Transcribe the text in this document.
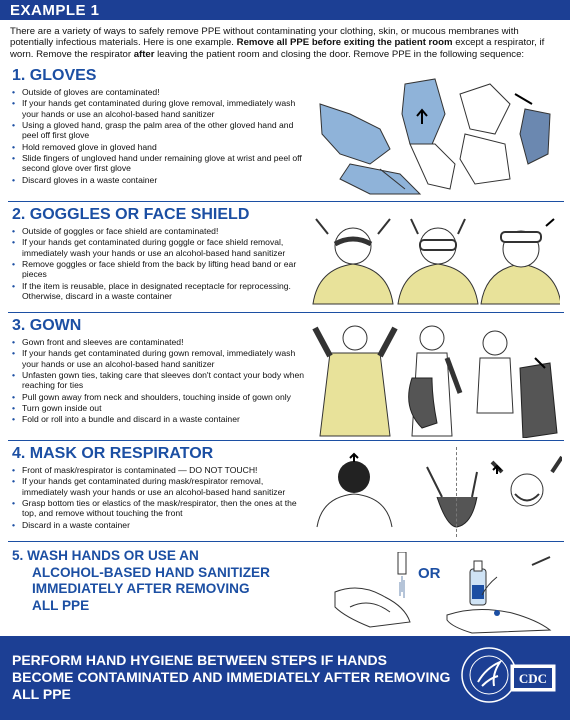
EXAMPLE 1
There are a variety of ways to safely remove PPE without contaminating your clothing, skin, or mucous membranes with potentially infectious materials. Here is one example. Remove all PPE before exiting the patient room except a respirator, if worn. Remove the respirator after leaving the patient room and closing the door. Remove PPE in the following sequence:
1. GLOVES
• Outside of gloves are contaminated!
• If your hands get contaminated during glove removal, immediately wash your hands or use an alcohol-based hand sanitizer
• Using a gloved hand, grasp the palm area of the other gloved hand and peel off first glove
• Hold removed glove in gloved hand
• Slide fingers of ungloved hand under remaining glove at wrist and peel off second glove over first glove
• Discard gloves in a waste container
2. GOGGLES OR FACE SHIELD
• Outside of goggles or face shield are contaminated!
• If your hands get contaminated during goggle or face shield removal, immediately wash your hands or use an alcohol-based hand sanitizer
• Remove goggles or face shield from the back by lifting head band or ear pieces
• If the item is reusable, place in designated receptacle for reprocessing. Otherwise, discard in a waste container
3. GOWN
• Gown front and sleeves are contaminated!
• If your hands get contaminated during gown removal, immediately wash your hands or use an alcohol-based hand sanitizer
• Unfasten gown ties, taking care that sleeves don't contact your body when reaching for ties
• Pull gown away from neck and shoulders, touching inside of gown only
• Turn gown inside out
• Fold or roll into a bundle and discard in a waste container
4. MASK OR RESPIRATOR
• Front of mask/respirator is contaminated — DO NOT TOUCH!
• If your hands get contaminated during mask/respirator removal, immediately wash your hands or use an alcohol-based hand sanitizer
• Grasp bottom ties or elastics of the mask/respirator, then the ones at the top, and remove without touching the front
• Discard in a waste container
5. WASH HANDS OR USE AN
ALCOHOL-BASED HAND SANITIZER
IMMEDIATELY AFTER REMOVING
ALL PPE
OR
PERFORM HAND HYGIENE BETWEEN STEPS IF HANDS BECOME CONTAMINATED AND IMMEDIATELY AFTER REMOVING ALL PPE
CDC
